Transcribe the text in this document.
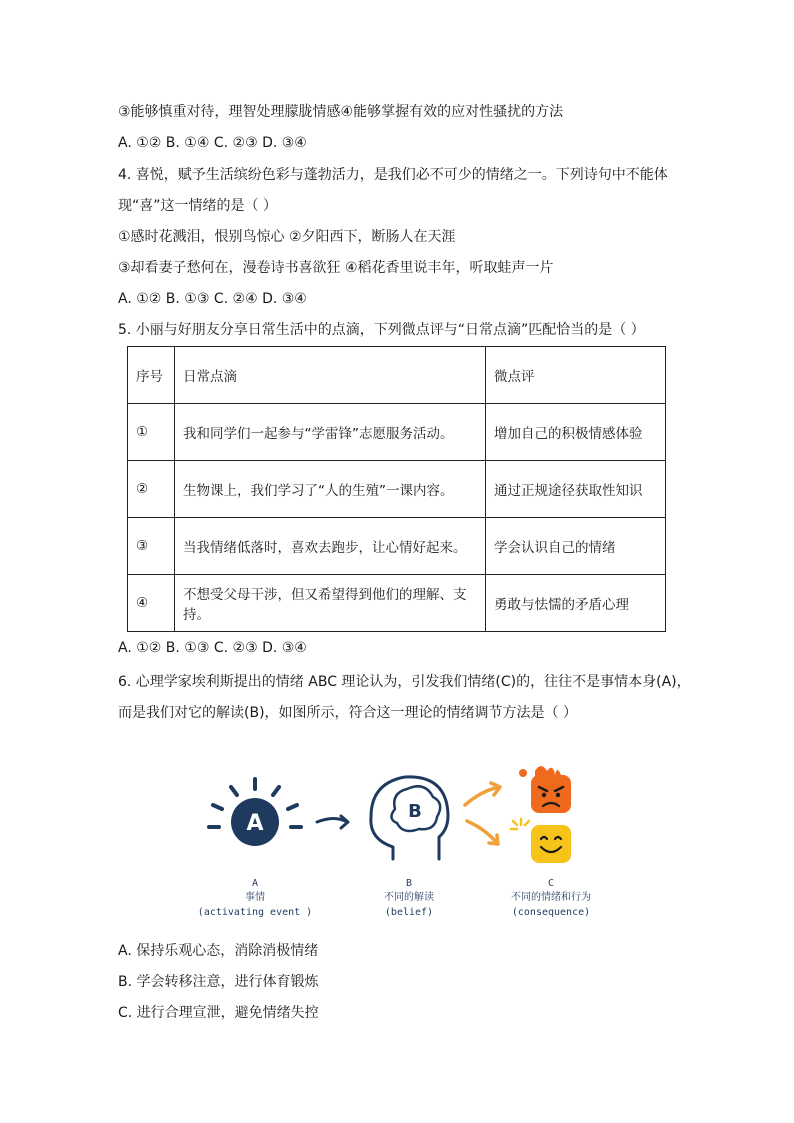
③能够慎重对待，理智处理朦胧情感④能够掌握有效的应对性骚扰的方法
A. ①② B. ①④ C. ②③ D. ③④
4. 喜悦，赋予生活缤纷色彩与蓬勃活力，是我们必不可少的情绪之一。下列诗句中不能体
现“喜”这一情绪的是（ ）
①感时花溅泪，恨别鸟惊心 ②夕阳西下，断肠人在天涯
③却看妻子愁何在，漫卷诗书喜欲狂 ④稻花香里说丰年，听取蛙声一片
A. ①② B. ①③ C. ②④ D. ③④
5. 小丽与好朋友分享日常生活中的点滴，下列微点评与“日常点滴”匹配恰当的是（ ）
序号	日常点滴	微点评
①	我和同学们一起参与“学雷锋”志愿服务活动。	增加自己的积极情感体验
②	生物课上，我们学习了“人的生殖”一课内容。	通过正规途径获取性知识
③	当我情绪低落时，喜欢去跑步，让心情好起来。	学会认识自己的情绪
④	不想受父母干涉，但又希望得到他们的理解、支持。	勇敢与怯懦的矛盾心理
A. ①② B. ①③ C. ②③ D. ③④
6. 心理学家埃利斯提出的情绪 ABC 理论认为，引发我们情绪(C)的，往往不是事情本身(A)，
而是我们对它的解读(B)，如图所示，符合这一理论的情绪调节方法是（ ）
A	B
A
事情
(activating event )
B
不同的解读
(belief)
C
不同的情绪和行为
(consequence)
A. 保持乐观心态，消除消极情绪
B. 学会转移注意，进行体育锻炼
C. 进行合理宣泄，避免情绪失控
